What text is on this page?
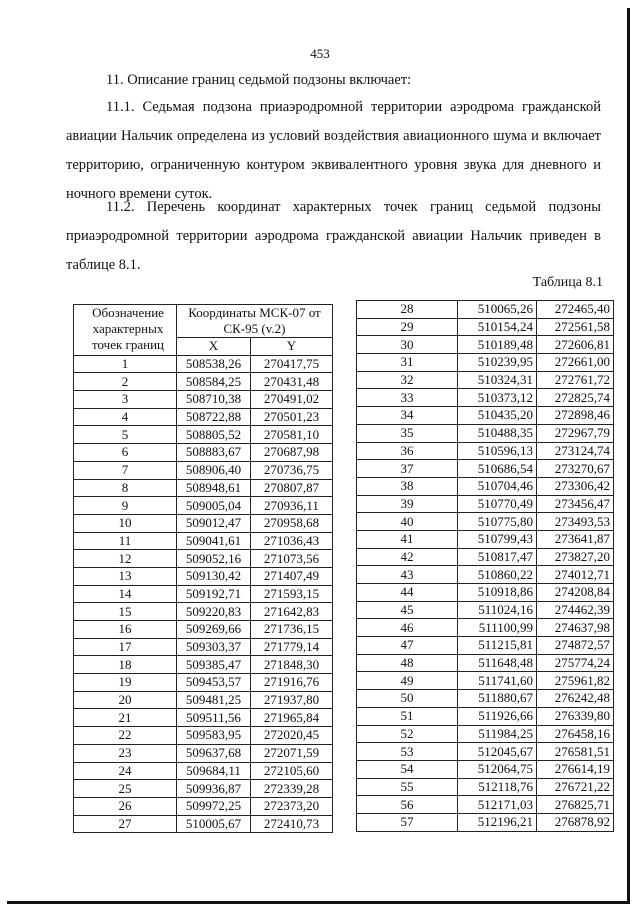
453

11. Описание границ седьмой подзоны включает:

11.1. Седьмая подзона приаэродромной территории аэродрома гражданской авиации Нальчик определена из условий воздействия авиационного шума и включает территорию, ограниченную контуром эквивалентного уровня звука для дневного и ночного времени суток.

11.2. Перечень координат характерных точек границ седьмой подзоны приаэродромной территории аэродрома гражданской авиации Нальчик приведен в таблице 8.1.

Таблица 8.1
Обозначение характерных точек границ	Координаты МСК-07 от СК-95 (v.2)	
	X	Y
1	508538,26	270417,75
2	508584,25	270431,48
3	508710,38	270491,02
4	508722,88	270501,23
5	508805,52	270581,10
6	508883,67	270687,98
7	508906,40	270736,75
8	508948,61	270807,87
9	509005,04	270936,11
10	509012,47	270958,68
11	509041,61	271036,43
12	509052,16	271073,56
13	509130,42	271407,49
14	509192,71	271593,15
15	509220,83	271642,83
16	509269,66	271736,15
17	509303,37	271779,14
18	509385,47	271848,30
19	509453,57	271916,76
20	509481,25	271937,80
21	509511,56	271965,84
22	509583,95	272020,45
23	509637,68	272071,59
24	509684,11	272105,60
25	509936,87	272339,28
26	509972,25	272373,20
27	510005,67	272410,73
28	510065,26	272465,40
29	510154,24	272561,58
30	510189,48	272606,81
31	510239,95	272661,00
32	510324,31	272761,72
33	510373,12	272825,74
34	510435,20	272898,46
35	510488,35	272967,79
36	510596,13	273124,74
37	510686,54	273270,67
38	510704,46	273306,42
39	510770,49	273456,47
40	510775,80	273493,53
41	510799,43	273641,87
42	510817,47	273827,20
43	510860,22	274012,71
44	510918,86	274208,84
45	511024,16	274462,39
46	511100,99	274637,98
47	511215,81	274872,57
48	511648,48	275774,24
49	511741,60	275961,82
50	511880,67	276242,48
51	511926,66	276339,80
52	511984,25	276458,16
53	512045,67	276581,51
54	512064,75	276614,19
55	512118,76	276721,22
56	512171,03	276825,71
57	512196,21	276878,92
